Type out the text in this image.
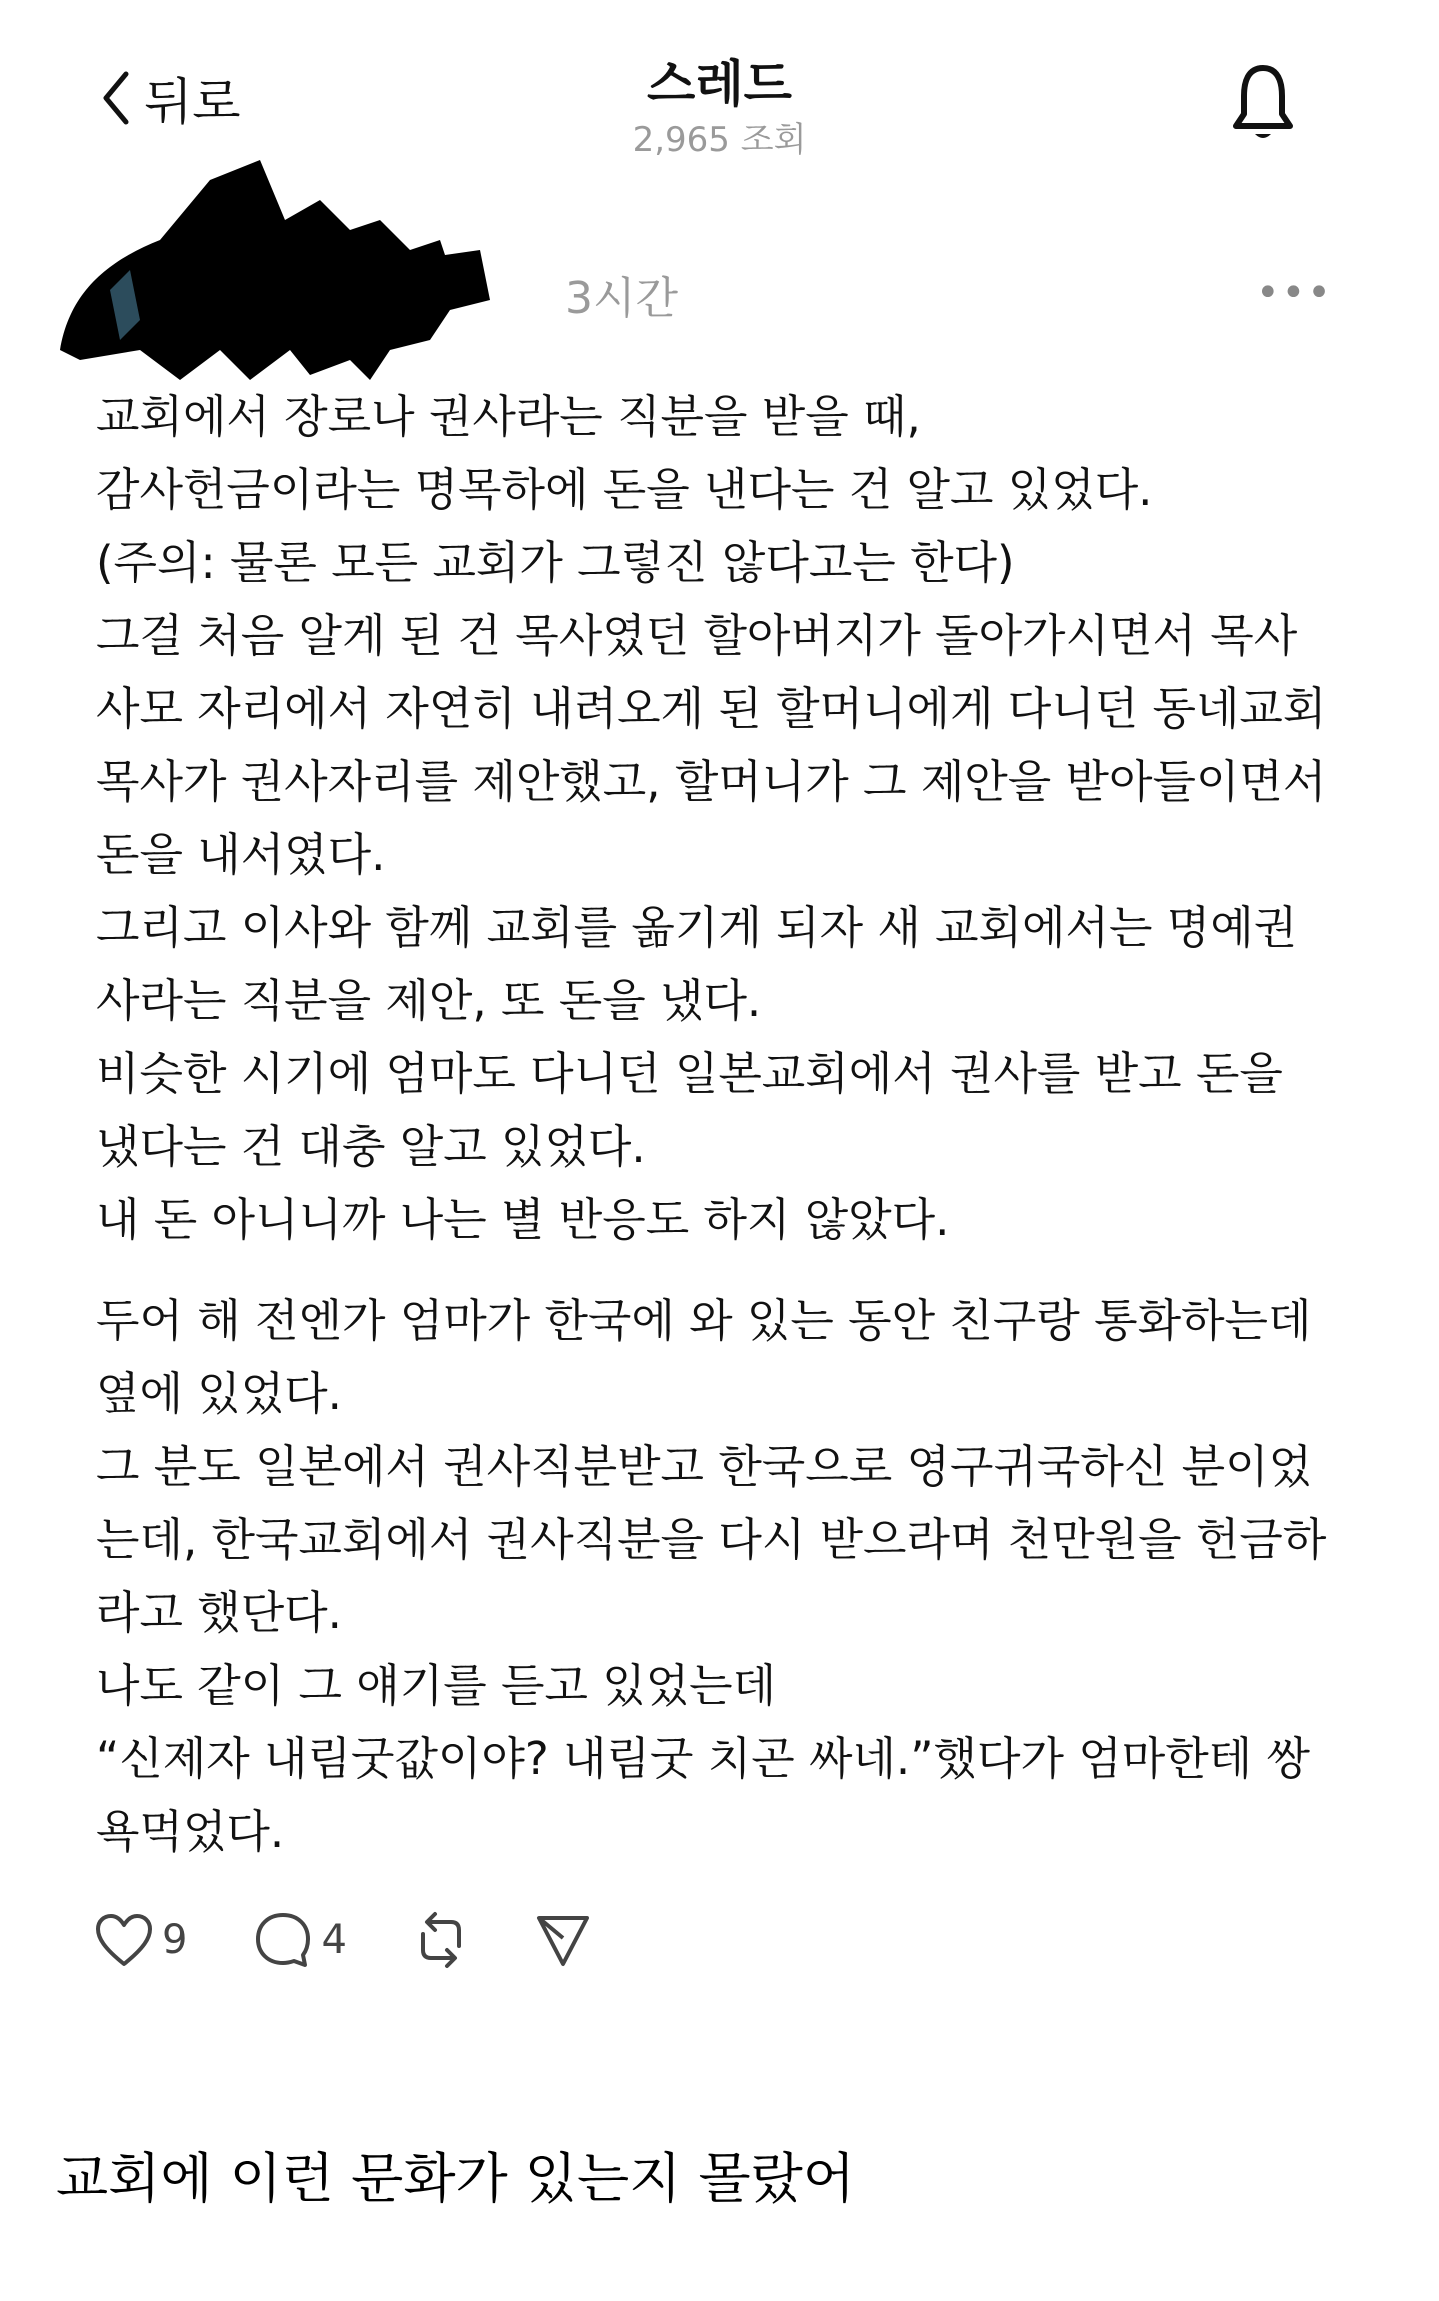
뒤로	스레드
2,965 조회
3시간	•••
교회에서 장로나 권사라는 직분을 받을 때,
감사헌금이라는 명목하에 돈을 낸다는 건 알고 있었다.
(주의: 물론 모든 교회가 그렇진 않다고는 한다)
그걸 처음 알게 된 건 목사였던 할아버지가 돌아가시면서 목사
사모 자리에서 자연히 내려오게 된 할머니에게 다니던 동네교회
목사가 권사자리를 제안했고, 할머니가 그 제안을 받아들이면서
돈을 내서였다.
그리고 이사와 함께 교회를 옮기게 되자 새 교회에서는 명예권
사라는 직분을 제안, 또 돈을 냈다.
비슷한 시기에 엄마도 다니던 일본교회에서 권사를 받고 돈을
냈다는 건 대충 알고 있었다.
내 돈 아니니까 나는 별 반응도 하지 않았다.
두어 해 전엔가 엄마가 한국에 와 있는 동안 친구랑 통화하는데
옆에 있었다.
그 분도 일본에서 권사직분받고 한국으로 영구귀국하신 분이었
는데, 한국교회에서 권사직분을 다시 받으라며 천만원을 헌금하
라고 했단다.
나도 같이 그 얘기를 듣고 있었는데
“신제자 내림굿값이야? 내림굿 치곤 싸네.”했다가 엄마한테 쌍
욕먹었다.
9	4
교회에 이런 문화가 있는지 몰랐어
